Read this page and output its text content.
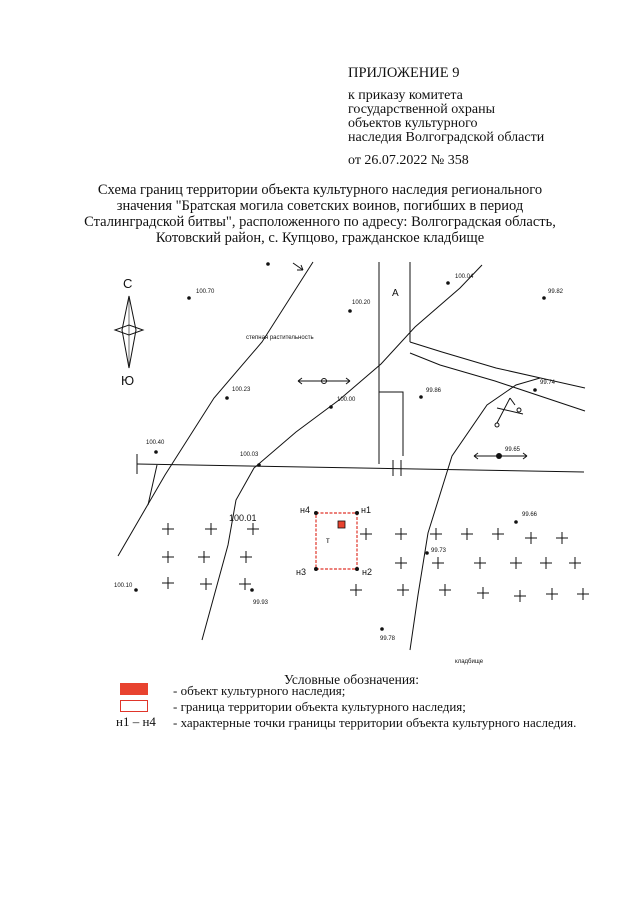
ПРИЛОЖЕНИЕ 9
к приказу комитета
государственной охраны
объектов культурного
наследия Волгоградской области
от 26.07.2022 № 358
Схема границ территории объекта культурного наследия регионального
значения "Братская могила советских воинов, погибших в период
Сталинградской битвы", расположенного по адресу: Волгоградская область,
Котовский район, с. Купцово, гражданское кладбище
С
Ю
А
степная растительность
кладбище
100.70
100.20
100.04
99.82
100.23
100.00
99.86
99.74
100.40
100.03
99.65
99.66
99.73
100.10
99.93
99.78
100.01
т
н4	н1
н3	н2
Условные обозначения:
- объект культурного наследия;
- граница территории объекта культурного наследия;
н1 – н4 - характерные точки границы территории объекта культурного наследия.
